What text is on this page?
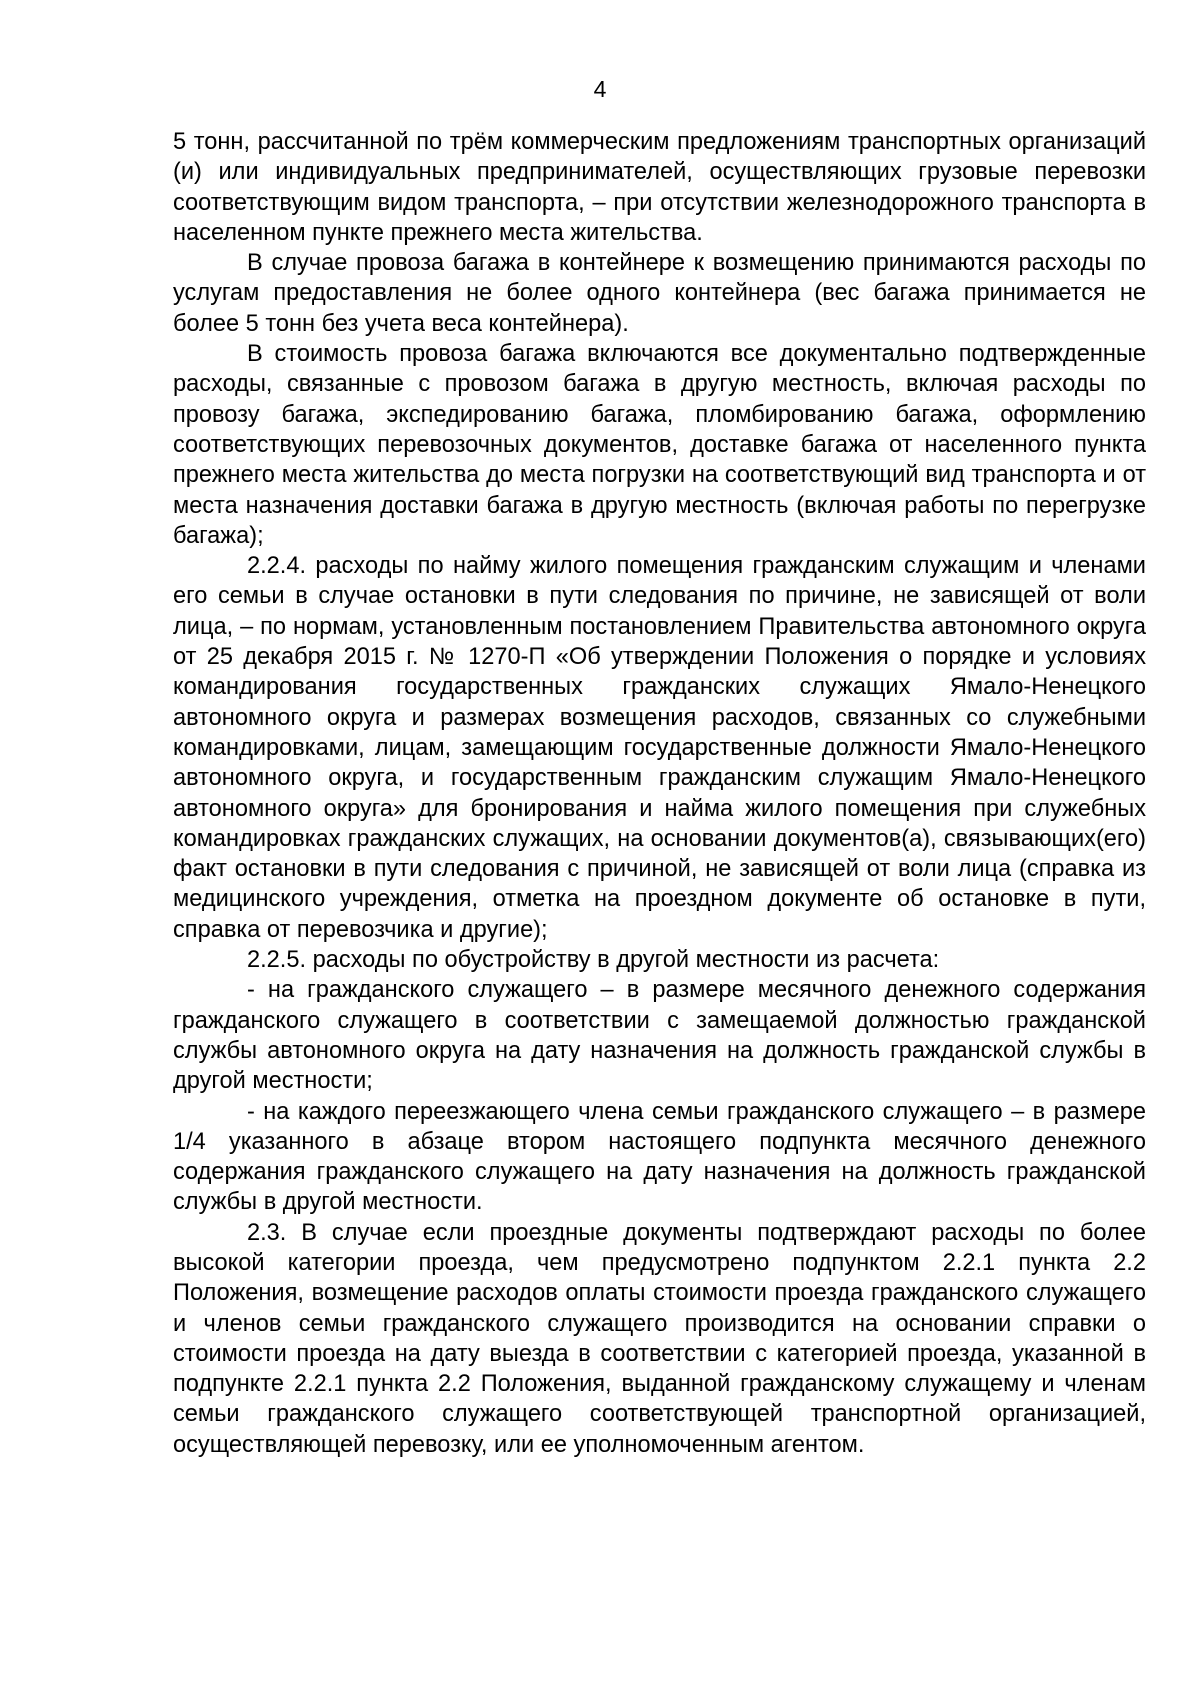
4

5 тонн, рассчитанной по трём коммерческим предложениям транспортных организаций (и) или индивидуальных предпринимателей, осуществляющих грузовые перевозки соответствующим видом транспорта, – при отсутствии железнодорожного транспорта в населенном пункте прежнего места жительства.

В случае провоза багажа в контейнере к возмещению принимаются расходы по услугам предоставления не более одного контейнера (вес багажа принимается не более 5 тонн без учета веса контейнера).

В стоимость провоза багажа включаются все документально подтвержденные расходы, связанные с провозом багажа в другую местность, включая расходы по провозу багажа, экспедированию багажа, пломбированию багажа, оформлению соответствующих перевозочных документов, доставке багажа от населенного пункта прежнего места жительства до места погрузки на соответствующий вид транспорта и от места назначения доставки багажа в другую местность (включая работы по перегрузке багажа);

2.2.4. расходы по найму жилого помещения гражданским служащим и членами его семьи в случае остановки в пути следования по причине, не зависящей от воли лица, – по нормам, установленным постановлением Правительства автономного округа от 25 декабря 2015 г. № 1270-П «Об утверждении Положения о порядке и условиях командирования государственных гражданских служащих Ямало-Ненецкого автономного округа и размерах возмещения расходов, связанных со служебными командировками, лицам, замещающим государственные должности Ямало-Ненецкого автономного округа, и государственным гражданским служащим Ямало-Ненецкого автономного округа» для бронирования и найма жилого помещения при служебных командировках гражданских служащих, на основании документов(а), связывающих(его) факт остановки в пути следования с причиной, не зависящей от воли лица (справка из медицинского учреждения, отметка на проездном документе об остановке в пути, справка от перевозчика и другие);

2.2.5. расходы по обустройству в другой местности из расчета:

- на гражданского служащего – в размере месячного денежного содержания гражданского служащего в соответствии с замещаемой должностью гражданской службы автономного округа на дату назначения на должность гражданской службы в другой местности;

- на каждого переезжающего члена семьи гражданского служащего – в размере 1/4 указанного в абзаце втором настоящего подпункта месячного денежного содержания гражданского служащего на дату назначения на должность гражданской службы в другой местности.

2.3. В случае если проездные документы подтверждают расходы по более высокой категории проезда, чем предусмотрено подпунктом 2.2.1 пункта 2.2 Положения, возмещение расходов оплаты стоимости проезда гражданского служащего и членов семьи гражданского служащего производится на основании справки о стоимости проезда на дату выезда в соответствии с категорией проезда, указанной в подпункте 2.2.1 пункта 2.2 Положения, выданной гражданскому служащему и членам семьи гражданского служащего соответствующей транспортной организацией, осуществляющей перевозку, или ее уполномоченным агентом.
